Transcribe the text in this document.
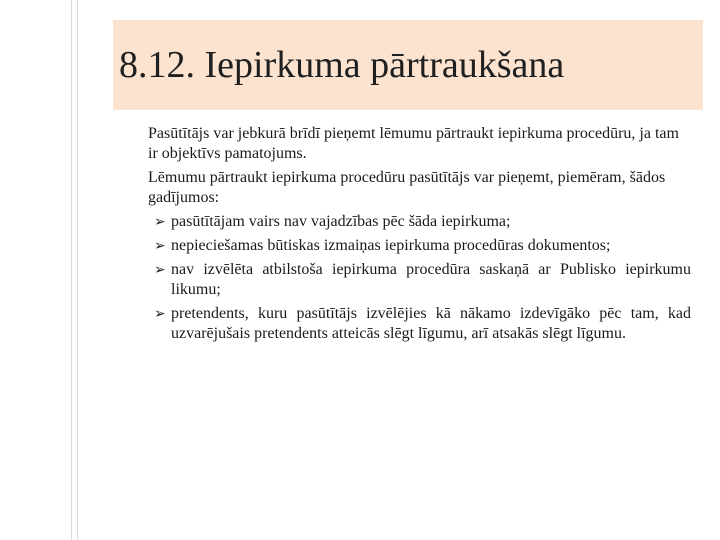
8.12. Iepirkuma pārtraukšana

Pasūtītājs var jebkurā brīdī pieņemt lēmumu pārtraukt iepirkuma procedūru, ja tam ir objektīvs pamatojums.

Lēmumu pārtraukt iepirkuma procedūru pasūtītājs var pieņemt, piemēram, šādos gadījumos:

➢ pasūtītājam vairs nav vajadzības pēc šāda iepirkuma;
➢ nepieciešamas būtiskas izmaiņas iepirkuma procedūras dokumentos;
➢ nav izvēlēta atbilstoša iepirkuma procedūra saskaņā ar Publisko iepirkumu likumu;
➢ pretendents, kuru pasūtītājs izvēlējies kā nākamo izdevīgāko pēc tam, kad uzvarējušais pretendents atteicās slēgt līgumu, arī atsakās slēgt līgumu.
